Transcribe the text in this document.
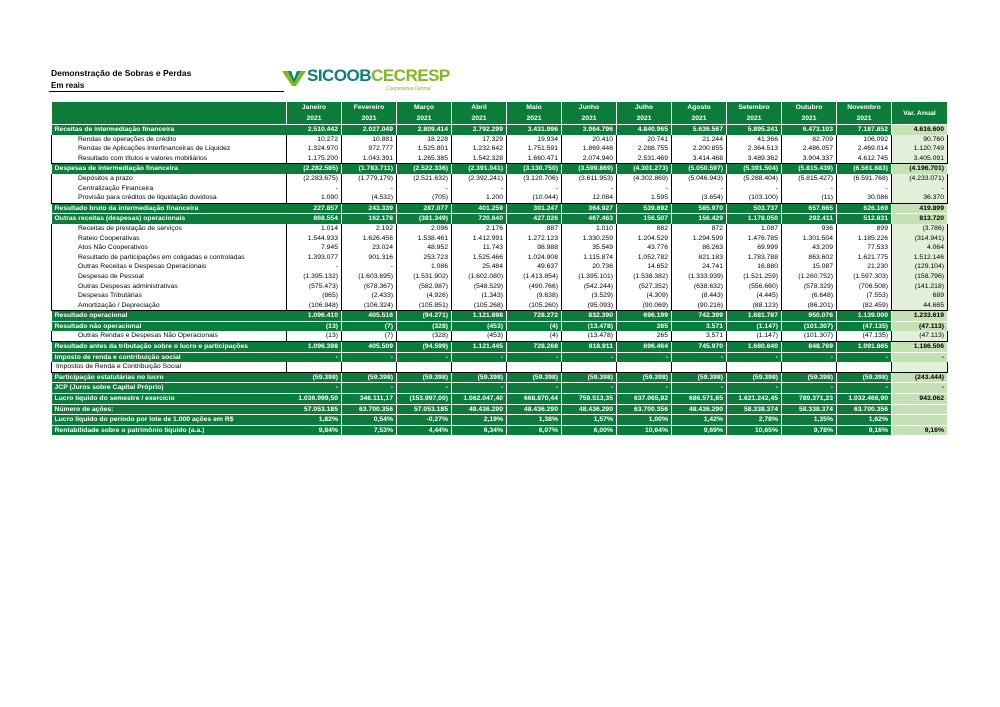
Demonstração de Sobras e Perdas
Em reais
SICOOBCECRESP
Cooperativa Central
	Janeiro	Fevereiro	Março	Abril	Maio	Junho	Julho	Agosto	Setembro	Outubro	Novembro	Var. Anual
	2021	2021	2021	2021	2021	2021	2021	2021	2021	2021	2021	
Receitas de intermediação financeira	2.510.442	2.027.049	2.809.414	2.792.299	3.431.996	3.964.796	4.840.965	5.636.567	5.895.241	6.473.103	7.187.852	4.616.600
Rendas de operações de crédito	10.272	10.881	18.228	17.329	19.934	20.410	20.741	21.244	41.366	82.709	106.092	90.760
Rendas de Aplicações Interfinanceiras de Liquidez	1.324.970	972.777	1.525.801	1.232.642	1.751.591	1.869.446	2.288.755	2.200.855	2.364.513	2.486.057	2.469.014	1.120.749
Resultado com títulos e valores mobiliários	1.175.200	1.043.391	1.265.385	1.542.328	1.660.471	2.074.940	2.531.469	3.414.468	3.489.362	3.904.337	4.612.745	3.405.091
Despesas de intermediação financeira	(2.282.585)	(1.783.711)	(2.522.336)	(2.391.041)	(3.130.750)	(3.599.869)	(4.301.273)	(5.050.597)	(5.391.504)	(5.815.439)	(6.561.683)	(4.196.701)
Depósitos a prazo	(2.283.675)	(1.779.179)	(2.521.632)	(2.392.241)	(3.120.706)	(3.611.953)	(4.302.869)	(5.046.943)	(5.288.404)	(5.815.427)	(6.591.768)	(4.233.071)
Centralização Financeira	-	-	-	-	-	-	-	-	-	-	-	-
Provisão para créditos de liquidação duvidosa	1.090	(4.532)	(705)	1.200	(10.044)	12.084	1.595	(3.654)	(103.100)	(11)	30.086	36.370
Resultado bruto da intermediação financeira	227.857	243.339	287.077	401.259	301.247	364.927	539.692	585.970	503.737	657.665	626.169	419.899
Outras receitas (despesas) operacionais	868.554	162.178	(381.349)	720.640	427.026	467.463	156.507	156.429	1.178.050	292.411	512.831	813.720
Receitas de prestação de serviços	1.014	2.192	2.096	2.176	887	1.010	882	872	1.087	936	899	(3.786)
Rateio Cooperativas	1.544.933	1.626.456	1.538.461	1.412.991	1.272.123	1.330.259	1.204.529	1.294.599	1.476.785	1.301.504	1.185.226	(314.941)
Atos Não Cooperativos	7.945	23.024	48.952	11.743	98.988	35.549	43.776	86.263	69.999	43.209	77.533	4.064
Resultado de participações em coligadas e controladas	1.393.077	901.316	253.723	1.525.466	1.024.908	1.115.874	1.052.782	821.183	1.783.788	863.602	1.621.775	1.512.146
Outras Receitas e Despesas Operacionais	-	-	1.086	25.484	49.637	20.736	14.652	24.741	16.880	15.087	21.230	(129.104)
Despesas de Pessoal	(1.395.132)	(1.603.695)	(1.531.902)	(1.602.080)	(1.413.854)	(1.395.101)	(1.538.382)	(1.333.939)	(1.521.259)	(1.260.752)	(1.597.303)	(158.796)
Outras Despesas administrativas	(575.473)	(678.367)	(582.987)	(548.529)	(490.766)	(542.244)	(527.352)	(638.632)	(556.660)	(578.329)	(706.508)	(141.218)
Despesas Tributárias	(865)	(2.433)	(4.926)	(1.343)	(9.638)	(3.529)	(4.309)	(8.443)	(4.445)	(6.648)	(7.553)	689
Amortização / Depreciação	(106.948)	(106.324)	(105.851)	(105.268)	(105.260)	(95.093)	(90.069)	(90.216)	(88.123)	(86.201)	(82.459)	44.665
Resultado operacional	1.096.410	405.516	(94.271)	1.121.898	728.272	832.390	696.199	742.399	1.681.787	950.076	1.139.000	1.233.619
Resultado não operacional	(13)	(7)	(328)	(453)	(4)	(13.478)	265	3.571	(1.147)	(101.307)	(47.135)	(47.113)
Outras Rendas e Despesas Não Operacionais	(13)	(7)	(328)	(453)	(4)	(13.478)	265	3.571	(1.147)	(101.307)	(47.135)	(47.113)
Resultado antes da tributação sobre o lucro e participações	1.096.398	405.509	(94.599)	1.121.445	728.268	818.911	696.464	745.970	1.680.640	848.769	1.091.865	1.186.506
Imposto de renda e contribuição social	-	-	-	-	-	-	-	-	-	-	-	-
Impostos de Renda e Contribuição Social												
Participação estatutárias no lucro	(59.398)	(59.398)	(59.398)	(59.398)	(59.398)	(59.398)	(59.398)	(59.398)	(59.398)	(59.398)	(59.398)	(243.444)
JCP (Juros sobre Capital Próprio)	-	-	-	-	-	-	-	-	-	-	-	-
Lucro líquido do semestre / exercício	1.036.999,50	346.111,17	(153.997,00)	1.062.047,40	668.870,44	759.513,35	637.065,92	686.571,65	1.621.242,45	789.371,23	1.032.466,90	943.062
Número de ações:	57.053.185	63.700.356	57.053.185	48.436.290	48.436.290	48.436.290	63.700.356	48.436.290	58.338.374	58.338.374	63.700.356	
Lucro líquido do período por lote de 1.000 ações em R$	1,82%	0,54%	-0,27%	2,19%	1,38%	1,57%	1,00%	1,42%	2,78%	1,35%	1,62%	
Rentabilidade sobre o patrimônio líquido (a.a.)	9,84%	7,53%	4,44%	6,34%	6,07%	6,00%	10,64%	9,69%	10,65%	9,78%	9,16%	9,16%
